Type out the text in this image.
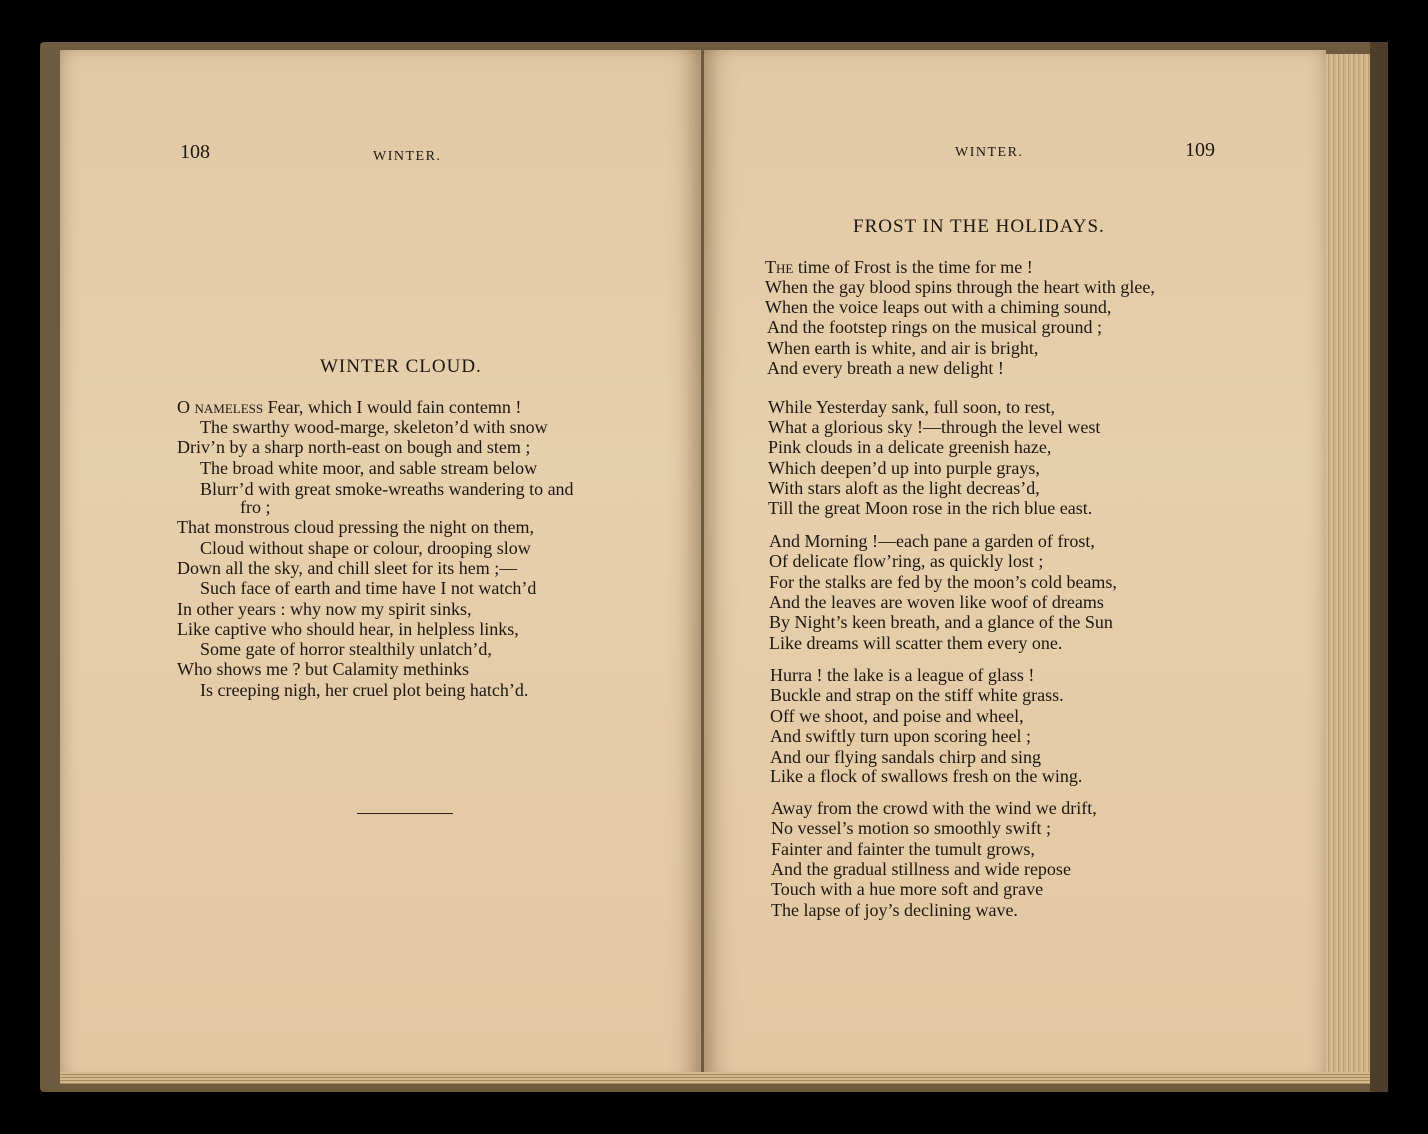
108	WINTER.

WINTER CLOUD.

O nameless Fear, which I would fain contemn !

The swarthy wood-marge, skeleton’d with snow

Driv’n by a sharp north-east on bough and stem ;

The broad white moor, and sable stream below

Blurr’d with great smoke-wreaths wandering to and

fro ;

That monstrous cloud pressing the night on them,

Cloud without shape or colour, drooping slow

Down all the sky, and chill sleet for its hem ;—

Such face of earth and time have I not watch’d

In other years : why now my spirit sinks,

Like captive who should hear, in helpless links,

Some gate of horror stealthily unlatch’d,

Who shows me ? but Calamity methinks

Is creeping nigh, her cruel plot being hatch’d.

WINTER.	109

FROST IN THE HOLIDAYS.

The time of Frost is the time for me !

When the gay blood spins through the heart with glee,

When the voice leaps out with a chiming sound,

And the footstep rings on the musical ground ;

When earth is white, and air is bright,

And every breath a new delight !

While Yesterday sank, full soon, to rest,

What a glorious sky !—through the level west

Pink clouds in a delicate greenish haze,

Which deepen’d up into purple grays,

With stars aloft as the light decreas’d,

Till the great Moon rose in the rich blue east.

And Morning !—each pane a garden of frost,

Of delicate flow’ring, as quickly lost ;

For the stalks are fed by the moon’s cold beams,

And the leaves are woven like woof of dreams

By Night’s keen breath, and a glance of the Sun

Like dreams will scatter them every one.

Hurra ! the lake is a league of glass !

Buckle and strap on the stiff white grass.

Off we shoot, and poise and wheel,

And swiftly turn upon scoring heel ;

And our flying sandals chirp and sing

Like a flock of swallows fresh on the wing.

Away from the crowd with the wind we drift,

No vessel’s motion so smoothly swift ;

Fainter and fainter the tumult grows,

And the gradual stillness and wide repose

Touch with a hue more soft and grave

The lapse of joy’s declining wave.
